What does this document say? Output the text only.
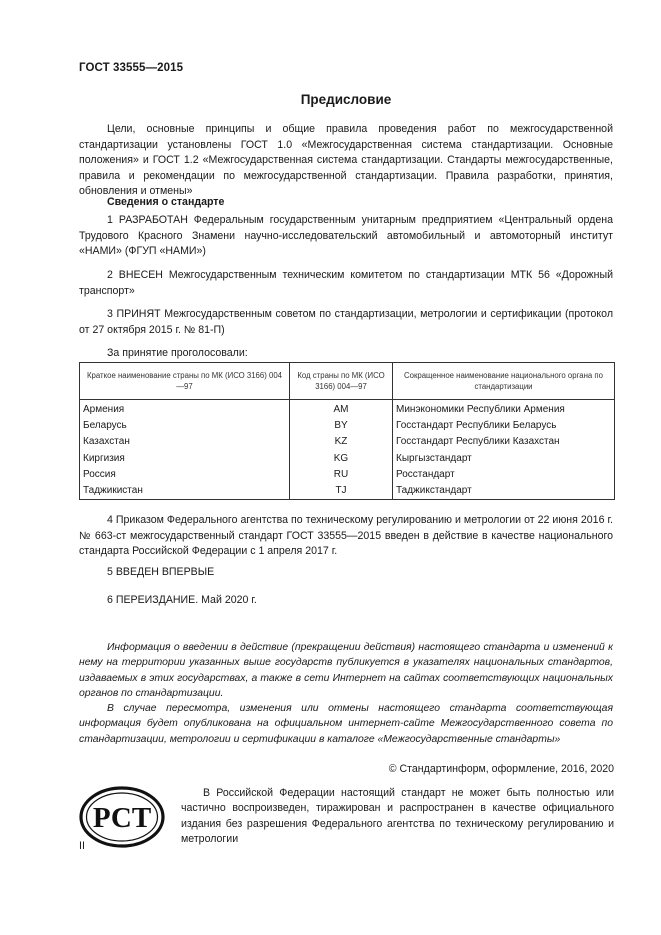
ГОСТ 33555—2015
Предисловие

Цели, основные принципы и общие правила проведения работ по межгосударственной стандартизации установлены ГОСТ 1.0 «Межгосударственная система стандартизации. Основные положения» и ГОСТ 1.2 «Межгосударственная система стандартизации. Стандарты межгосударственные, правила и рекомендации по межгосударственной стандартизации. Правила разработки, принятия, обновления и отмены»

Сведения о стандарте

1 РАЗРАБОТАН Федеральным государственным унитарным предприятием «Центральный ордена Трудового Красного Знамени научно-исследовательский автомобильный и автомоторный институт «НАМИ» (ФГУП «НАМИ»)

2 ВНЕСЕН Межгосударственным техническим комитетом по стандартизации МТК 56 «Дорожный транспорт»

3 ПРИНЯТ Межгосударственным советом по стандартизации, метрологии и сертификации (протокол от 27 октября 2015 г. № 81-П)

За принятие проголосовали:
Краткое наименование страны по МК (ИСО 3166) 004—97	Код страны по МК (ИСО 3166) 004—97	Сокращенное наименование национального органа по стандартизации
Армения	AM	Минэкономики Республики Армения
Беларусь	BY	Госстандарт Республики Беларусь
Казахстан	KZ	Госстандарт Республики Казахстан
Киргизия	KG	Кыргызстандарт
Россия	RU	Росстандарт
Таджикистан	TJ	Таджикстандарт

4 Приказом Федерального агентства по техническому регулированию и метрологии от 22 июня 2016 г. № 663-ст межгосударственный стандарт ГОСТ 33555—2015 введен в действие в качестве национального стандарта Российской Федерации с 1 апреля 2017 г.

5 ВВЕДЕН ВПЕРВЫЕ

6 ПЕРЕИЗДАНИЕ. Май 2020 г.

Информация о введении в действие (прекращении действия) настоящего стандарта и изменений к нему на территории указанных выше государств публикуется в указателях национальных стандартов, издаваемых в этих государствах, а также в сети Интернет на сайтах соответствующих национальных органов по стандартизации.

В случае пересмотра, изменения или отмены настоящего стандарта соответствующая информация будет опубликована на официальном интернет-сайте Межгосударственного совета по стандартизации, метрологии и сертификации в каталоге «Межгосударственные стандарты»

© Стандартинформ, оформление, 2016, 2020
РСТ

В Российской Федерации настоящий стандарт не может быть полностью или частично воспроизведен, тиражирован и распространен в качестве официального издания без разрешения Федерального агентства по техническому регулированию и метрологии

II
